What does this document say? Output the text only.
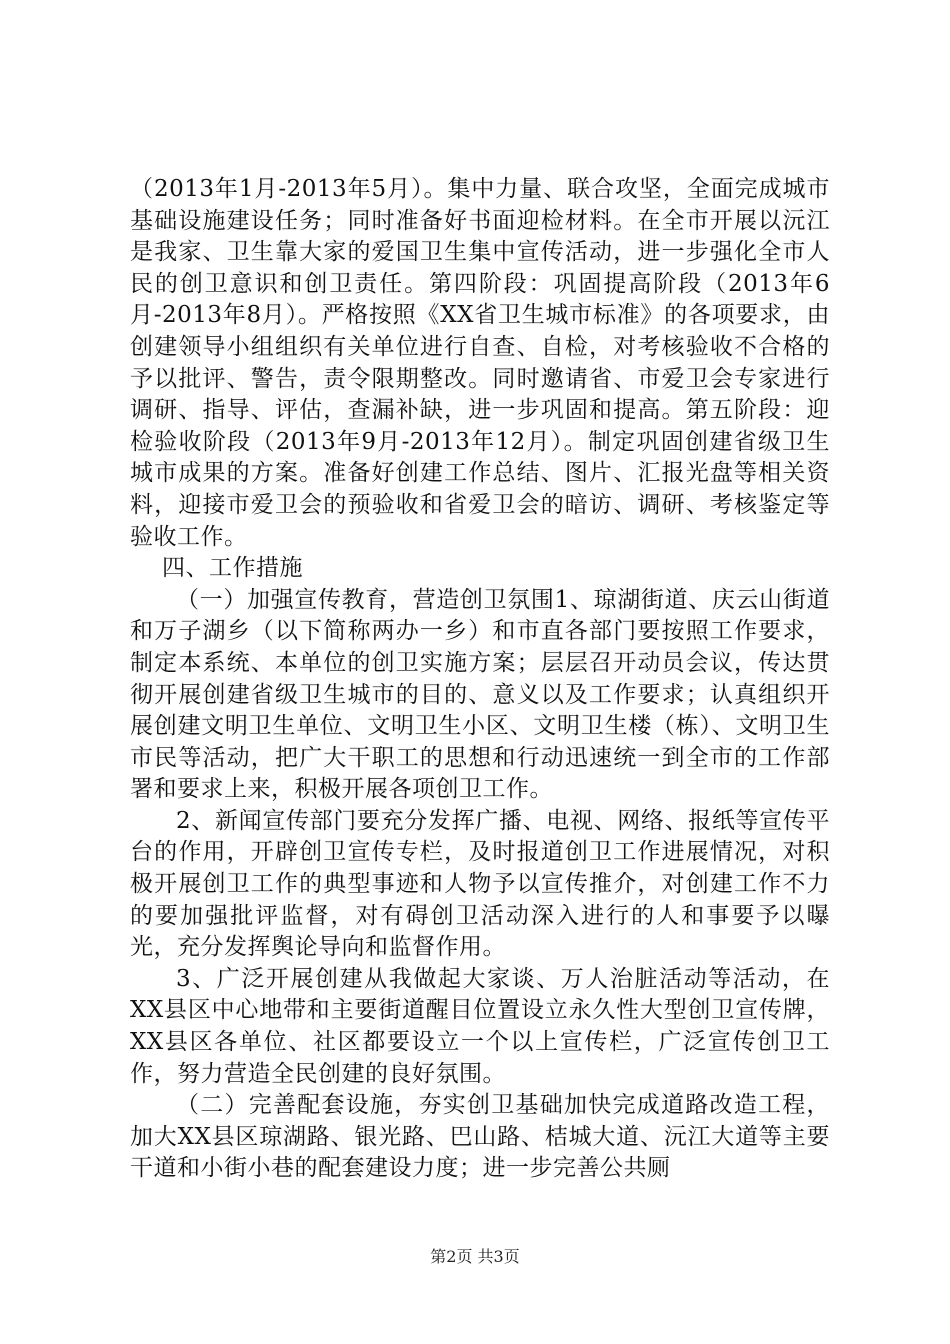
（2013年1月-2013年5月）。集中力量、联合攻坚，全面完成城市基础设施建设任务；同时准备好书面迎检材料。在全市开展以沅江是我家、卫生靠大家的爱国卫生集中宣传活动，进一步强化全市人民的创卫意识和创卫责任。第四阶段：巩固提高阶段（2013年6月-2013年8月）。严格按照《XX省卫生城市标准》的各项要求，由创建领导小组组织有关单位进行自查、自检，对考核验收不合格的予以批评、警告，责令限期整改。同时邀请省、市爱卫会专家进行调研、指导、评估，查漏补缺，进一步巩固和提高。第五阶段：迎检验收阶段（2013年9月-2013年12月）。制定巩固创建省级卫生城市成果的方案。准备好创建工作总结、图片、汇报光盘等相关资料，迎接市爱卫会的预验收和省爱卫会的暗访、调研、考核鉴定等验收工作。

四、工作措施

（一）加强宣传教育，营造创卫氛围1、琼湖街道、庆云山街道和万子湖乡（以下简称两办一乡）和市直各部门要按照工作要求，制定本系统、本单位的创卫实施方案；层层召开动员会议，传达贯彻开展创建省级卫生城市的目的、意义以及工作要求；认真组织开展创建文明卫生单位、文明卫生小区、文明卫生楼（栋）、文明卫生市民等活动，把广大干职工的思想和行动迅速统一到全市的工作部署和要求上来，积极开展各项创卫工作。

2、新闻宣传部门要充分发挥广播、电视、网络、报纸等宣传平台的作用，开辟创卫宣传专栏，及时报道创卫工作进展情况，对积极开展创卫工作的典型事迹和人物予以宣传推介，对创建工作不力的要加强批评监督，对有碍创卫活动深入进行的人和事要予以曝光，充分发挥舆论导向和监督作用。

3、广泛开展创建从我做起大家谈、万人治脏活动等活动，在XX县区中心地带和主要街道醒目位置设立永久性大型创卫宣传牌，XX县区各单位、社区都要设立一个以上宣传栏，广泛宣传创卫工作，努力营造全民创建的良好氛围。

（二）完善配套设施，夯实创卫基础加快完成道路改造工程，加大XX县区琼湖路、银光路、巴山路、桔城大道、沅江大道等主要干道和小街小巷的配套建设力度；进一步完善公共厕

第2页 共3页
